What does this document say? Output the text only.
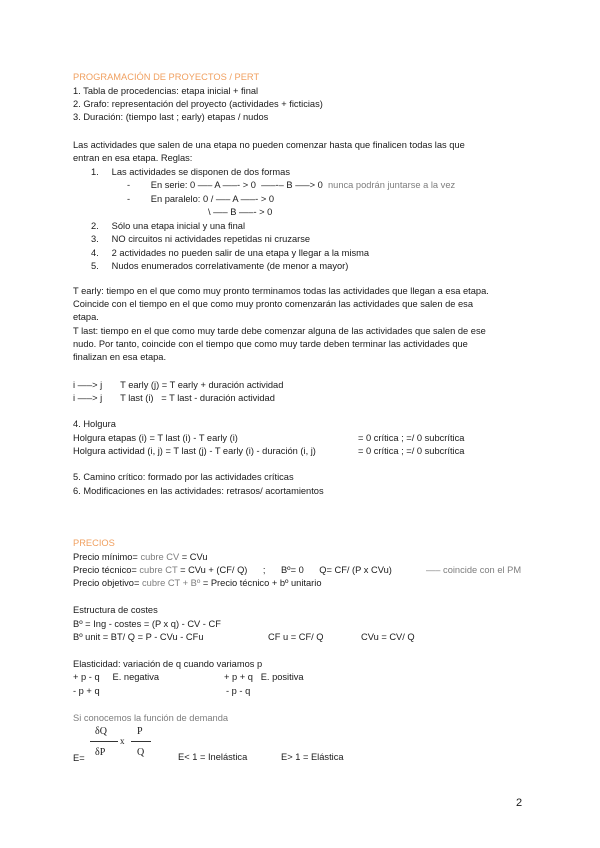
PROGRAMACIÓN DE PROYECTOS / PERT
1. Tabla de procedencias: etapa inicial + final
2. Grafo: representación del proyecto (actividades + ficticias)
3. Duración: (tiempo last ; early) etapas / nudos
Las actividades que salen de una etapa no pueden comenzar hasta que finalicen todas las que
entran en esa etapa. Reglas:
1.     Las actividades se disponen de dos formas
-        En serie: 0 —– A —–- > 0  —–-– B —–> 0 nunca podrán juntarse a la vez
-        En paralelo: 0 / —– A —–- > 0
\ —– B —–- > 0
2.     Sólo una etapa inicial y una final
3.     NO circuitos ni actividades repetidas ni cruzarse
4.     2 actividades no pueden salir de una etapa y llegar a la misma
5.     Nudos enumerados correlativamente (de menor a mayor)
T early: tiempo en el que como muy pronto terminamos todas las actividades que llegan a esa etapa.
Coincide con el tiempo en el que como muy pronto comenzarán las actividades que salen de esa
etapa.
T last: tiempo en el que como muy tarde debe comenzar alguna de las actividades que salen de ese
nudo. Por tanto, coincide con el tiempo que como muy tarde deben terminar las actividades que
finalizan en esa etapa.
i —–> j       T early (j) = T early + duración actividad
i —–> j       T last (i)   = T last - duración actividad
4. Holgura
Holgura etapas (i) = T last (i) - T early (i)	= 0 crítica ; =/ 0 subcrítica
Holgura actividad (i, j) = T last (j) - T early (i) - duración (i, j)	= 0 crítica ; =/ 0 subcrítica
5. Camino crítico: formado por las actividades críticas
6. Modificaciones en las actividades: retrasos/ acortamientos
PRECIOS
Precio mínimo= cubre CV = CVu
Precio técnico= cubre CT = CVu + (CF/ Q)      ;      Bº= 0      Q= CF/ (P x CVu)	—– coincide con el PM
Precio objetivo= cubre CT + Bº = Precio técnico + bº unitario
Estructura de costes
Bº = Ing - costes = (P x q) - CV - CF
Bº unit = BT/ Q = P - CVu - CFu	CF u = CF/ Q	CVu = CV/ Q
Elasticidad: variación de q cuando variamos p
+ p - q     E. negativa	+ p + q   E. positiva
- p + q	- p - q
Si conocemos la función de demanda
E=
δQ
δP
x
P
Q	E< 1 = Inelástica	E> 1 = Elástica
2
